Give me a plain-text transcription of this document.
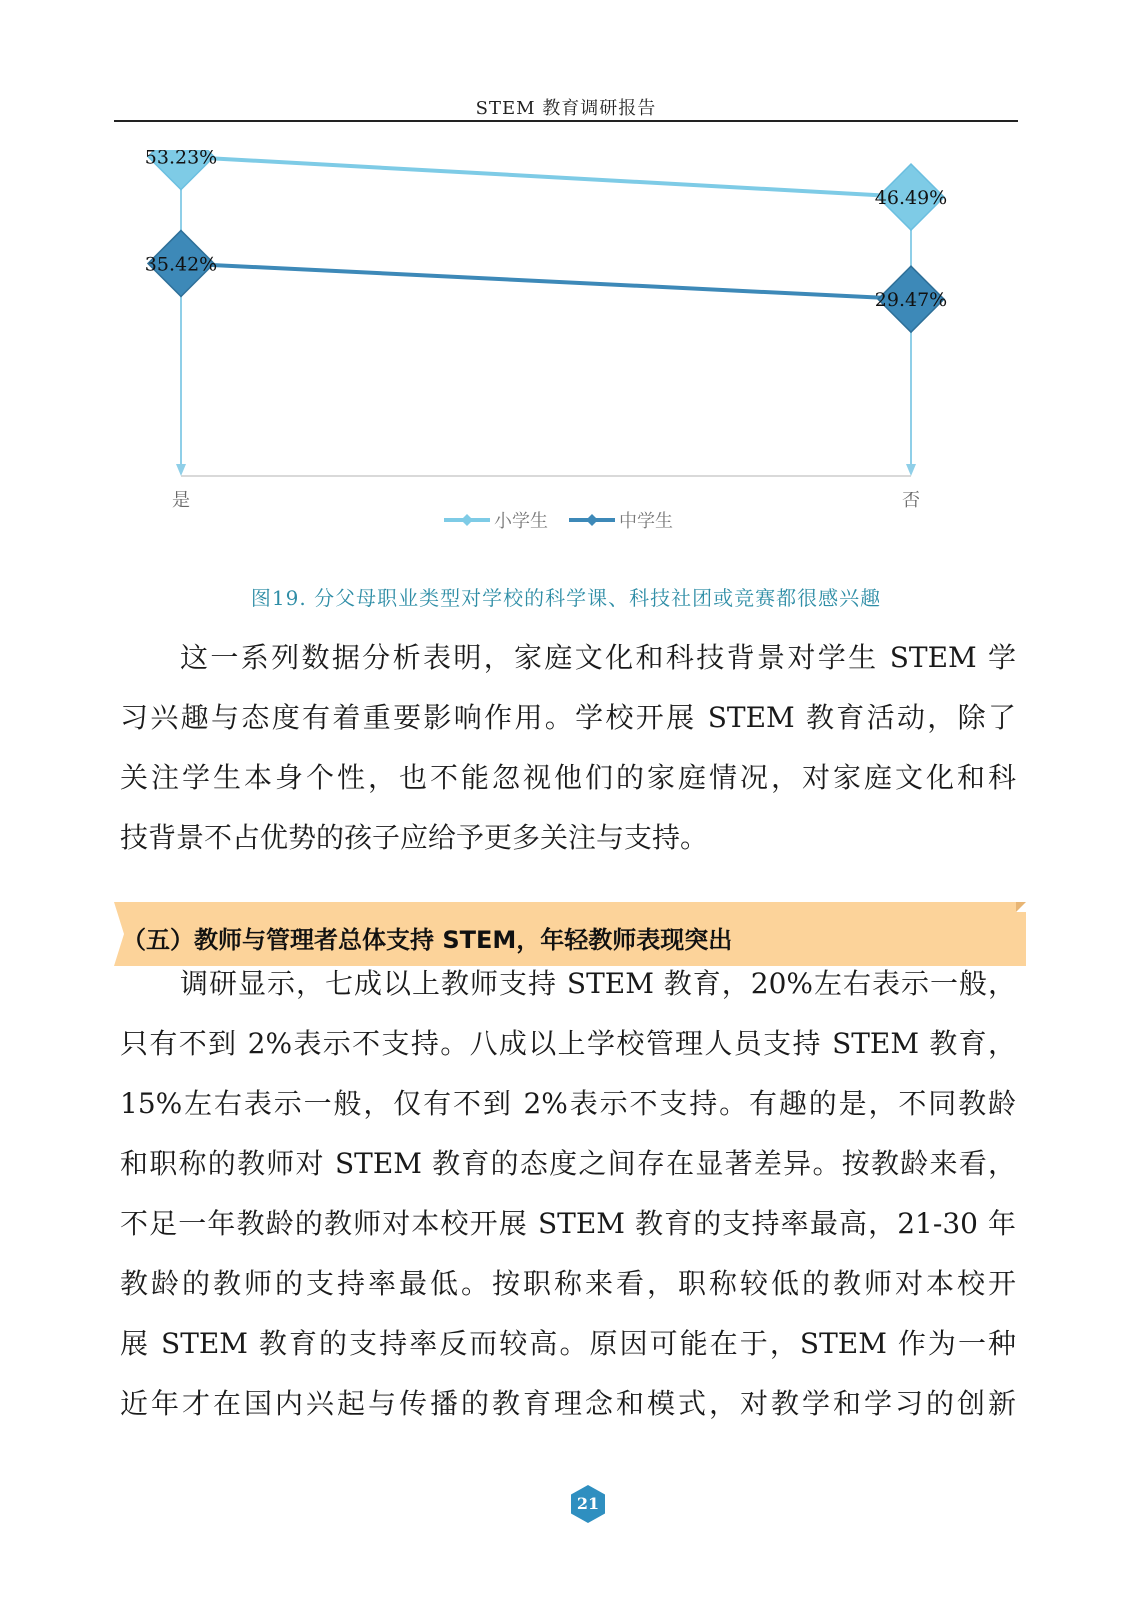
STEM 教育调研报告
53.23%
46.49%
35.42%
29.47%
是	否
小学生	中学生
图19. 分父母职业类型对学校的科学课、科技社团或竞赛都很感兴趣
这一系列数据分析表明，家庭文化和科技背景对学生 STEM 学
习兴趣与态度有着重要影响作用。学校开展 STEM 教育活动，除了
关注学生本身个性，也不能忽视他们的家庭情况，对家庭文化和科
技背景不占优势的孩子应给予更多关注与支持。
（五）教师与管理者总体支持 STEM，年轻教师表现突出
调研显示，七成以上教师支持 STEM 教育，20%左右表示一般，
只有不到 2%表示不支持。八成以上学校管理人员支持 STEM 教育，
15%左右表示一般，仅有不到 2%表示不支持。有趣的是，不同教龄
和职称的教师对 STEM 教育的态度之间存在显著差异。按教龄来看，
不足一年教龄的教师对本校开展 STEM 教育的支持率最高，21-30 年
教龄的教师的支持率最低。按职称来看，职称较低的教师对本校开
展 STEM 教育的支持率反而较高。原因可能在于，STEM 作为一种
近年才在国内兴起与传播的教育理念和模式，对教学和学习的创新
21
